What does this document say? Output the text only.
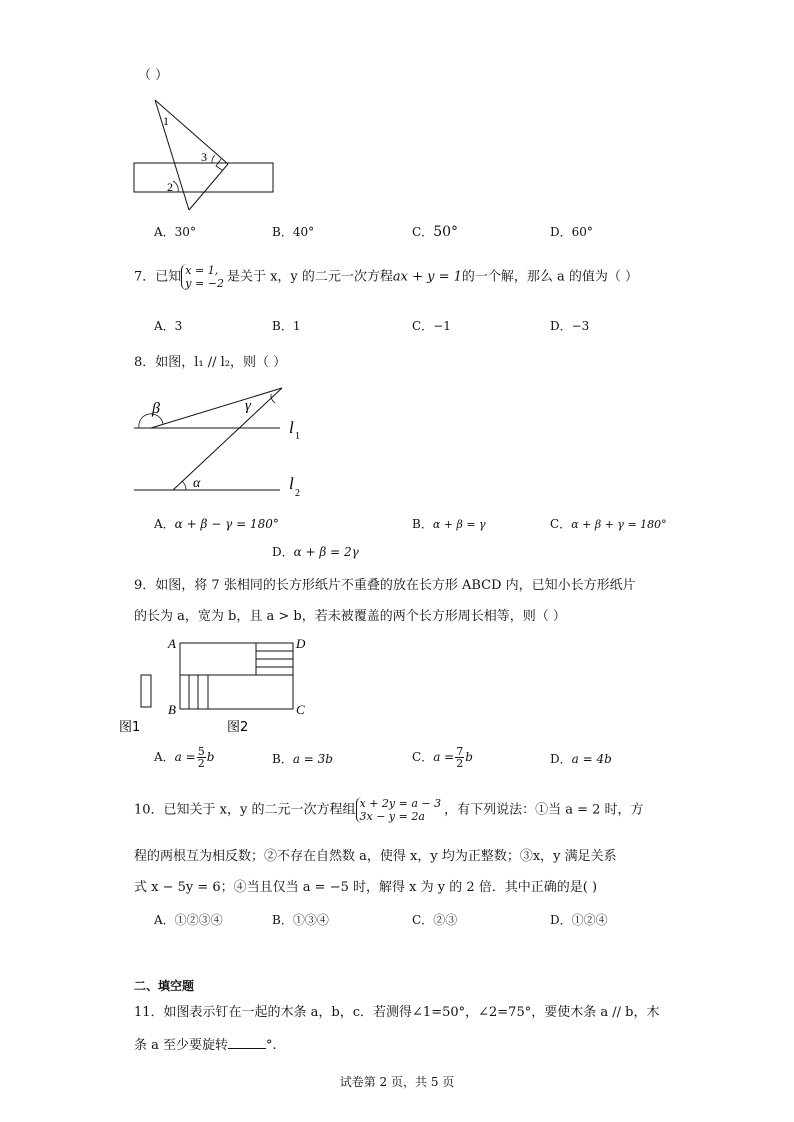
（ ）
1
2
3
A．30°	B．40°	C．50°	D．60°
7．已知 x = 1,
y = −2 是关于 x，y 的二元一次方程ax + y = 1的一个解，那么 a 的值为（ ）
A．3	B．1	C．−1	D．−3
8．如图，l₁ // l₂，则（ ）
β	γ
α
l 1
l
2
A．α + β − γ = 180°	B．α + β = γ	C．α + β + γ = 180°
D．α + β = 2γ
9．如图，将 7 张相同的长方形纸片不重叠的放在长方形 ABCD 内，已知小长方形纸片
的长为 a，宽为 b，且 a > b，若未被覆盖的两个长方形周长相等，则（ ）
A	D
B	C
图1	图2
A．$a = \frac{5}{2}$ b	B．a = 3b	C．$a = \frac{7}{2}$ b	D．a = 4b
10．已知关于 x，y 的二元一次方程组 x + 2y = a − 3
3x − y = 2a	，有下列说法：①当 a = 2 时，方
程的两根互为相反数；②不存在自然数 a，使得 x，y 均为正整数；③x，y 满足关系
式 x − 5y = 6；④当且仅当 a = −5 时，解得 x 为 y 的 2 倍．其中正确的是( )
A．①②③④	B．①③④	C．②③	D．①②④
二、填空题
11．如图表示钉在一起的木条 a，b，c．若测得∠1=50°，∠2=75°，要使木条 a // b，木
条 a 至少要旋转	°.
试卷第 2 页，共 5 页
